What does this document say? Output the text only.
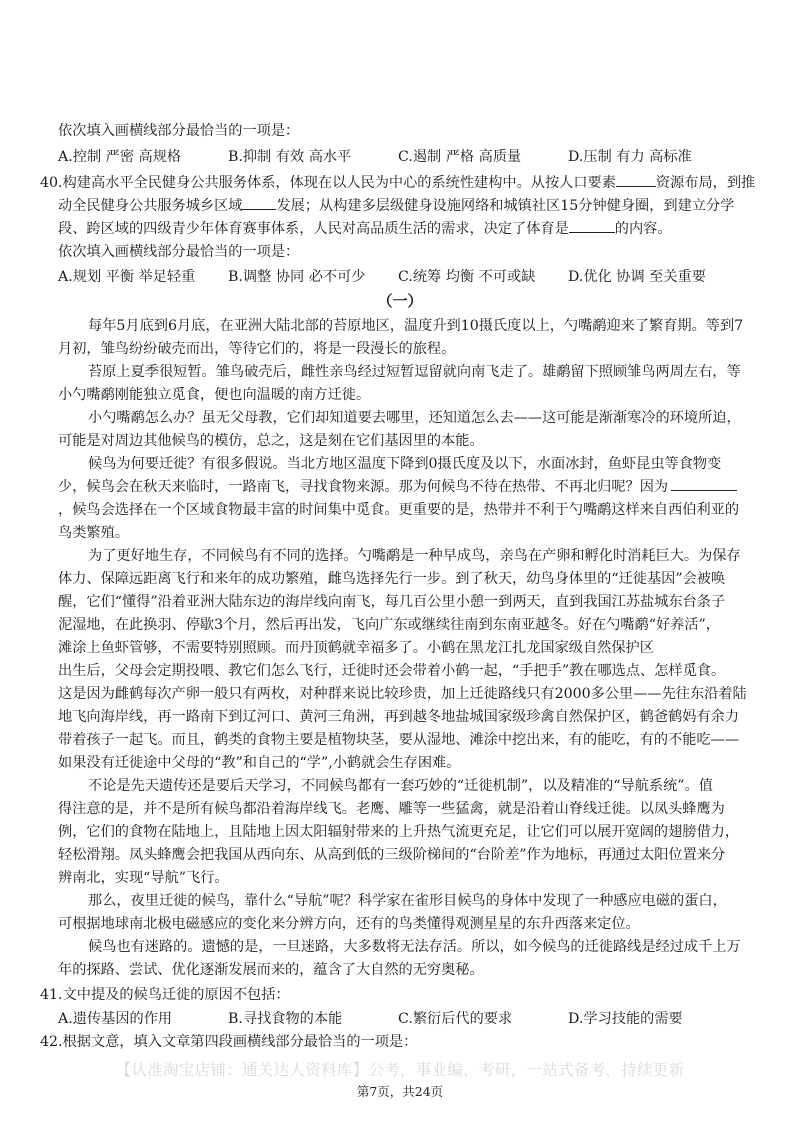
依次填入画横线部分最恰当的一项是：
A.控制 严密 高规格	B.抑制 有效 高水平	C.遏制 严格 高质量	D.压制 有力 高标准
40.构建高水平全民健身公共服务体系，体现在以人民为中心的系统性建构中。从按人口要素	资源布局，到推
动全民健身公共服务城乡区域 发展；从构建多层级健身设施网络和城镇社区15分钟健身圈，到建立分学
段、跨区域的四级青少年体育赛事体系，人民对高品质生活的需求，决定了体育是	的内容。
依次填入画横线部分最恰当的一项是：
A.规划 平衡 举足轻重 B.调整 协同 必不可少 C.统筹 均衡 不可或缺 D.优化 协调 至关重要
（一）
每年5月底到6月底，在亚洲大陆北部的苔原地区，温度升到10摄氏度以上，勺嘴鹬迎来了繁育期。等到7
月初，雏鸟纷纷破壳而出，等待它们的，将是一段漫长的旅程。
苔原上夏季很短暂。雏鸟破壳后，雌性亲鸟经过短暂逗留就向南飞走了。雄鹬留下照顾雏鸟两周左右，等
小勺嘴鹬刚能独立觅食，便也向温暖的南方迁徙。
小勺嘴鹬怎么办？虽无父母教，它们却知道要去哪里，还知道怎么去——这可能是渐渐寒冷的环境所迫，
可能是对周边其他候鸟的模仿，总之，这是刻在它们基因里的本能。
候鸟为何要迁徙？有很多假说。当北方地区温度下降到0摄氏度及以下，水面冰封，鱼虾昆虫等食物变
少，候鸟会在秋天来临时，一路南飞，寻找食物来源。那为何候鸟不待在热带、不再北归呢？因为
，候鸟会选择在一个区域食物最丰富的时间集中觅食。更重要的是，热带并不利于勺嘴鹬这样来自西伯利亚的
鸟类繁殖。
为了更好地生存，不同候鸟有不同的选择。勺嘴鹬是一种早成鸟，亲鸟在产卵和孵化时消耗巨大。为保存
体力、保障远距离飞行和来年的成功繁殖，雌鸟选择先行一步。到了秋天，幼鸟身体里的“迁徙基因”会被唤
醒，它们“懂得”沿着亚洲大陆东边的海岸线向南飞，每几百公里小憩一到两天，直到我国江苏盐城东台条子
泥湿地，在此换羽、停歇3个月，然后再出发，飞向广东或继续往南到东南亚越冬。好在勺嘴鹬“好养活”，
滩涂上鱼虾管够，不需要特别照顾。而丹顶鹤就幸福多了。小鹤在黑龙江扎龙国家级自然保护区
出生后，父母会定期投喂、教它们怎么飞行，迁徙时还会带着小鹤一起，“手把手”教在哪选点、怎样觅食。
这是因为雌鹤每次产卵一般只有两枚，对种群来说比较珍贵，加上迁徙路线只有2000多公里——先往东沿着陆
地飞向海岸线，再一路南下到辽河口、黄河三角洲，再到越冬地盐城国家级珍禽自然保护区，鹤爸鹤妈有余力
带着孩子一起飞。而且，鹤类的食物主要是植物块茎，要从湿地、滩涂中挖出来，有的能吃，有的不能吃——
如果没有迁徙途中父母的“教”和自己的“学”,小鹤就会生存困难。
不论是先天遗传还是要后天学习，不同候鸟都有一套巧妙的“迁徙机制”，以及精准的“导航系统”。值
得注意的是，并不是所有候鸟都沿着海岸线飞。老鹰、雕等一些猛禽，就是沿着山脊线迁徙。以凤头蜂鹰为
例，它们的食物在陆地上，且陆地上因太阳辐射带来的上升热气流更充足，让它们可以展开宽阔的翅膀借力，
轻松滑翔。凤头蜂鹰会把我国从西向东、从高到低的三级阶梯间的“台阶差”作为地标，再通过太阳位置来分
辨南北，实现“导航”飞行。
那么，夜里迁徙的候鸟，靠什么“导航”呢？科学家在雀形目候鸟的身体中发现了一种感应电磁的蛋白，
可根据地球南北极电磁感应的变化来分辨方向，还有的鸟类懂得观测星星的东升西落来定位。
候鸟也有迷路的。遗憾的是，一旦迷路，大多数将无法存活。所以，如今候鸟的迁徙路线是经过成千上万
年的探路、尝试、优化逐渐发展而来的，蕴含了大自然的无穷奥秘。
41.文中提及的候鸟迁徙的原因不包括：
A.遗传基因的作用	B.寻找食物的本能	C.繁衍后代的要求	D.学习技能的需要
42.根据文意，填入文章第四段画横线部分最恰当的一项是：
【认准淘宝店铺：通关达人资料库】公考，事业编，考研，一站式备考，持续更新
第7页，共24页
